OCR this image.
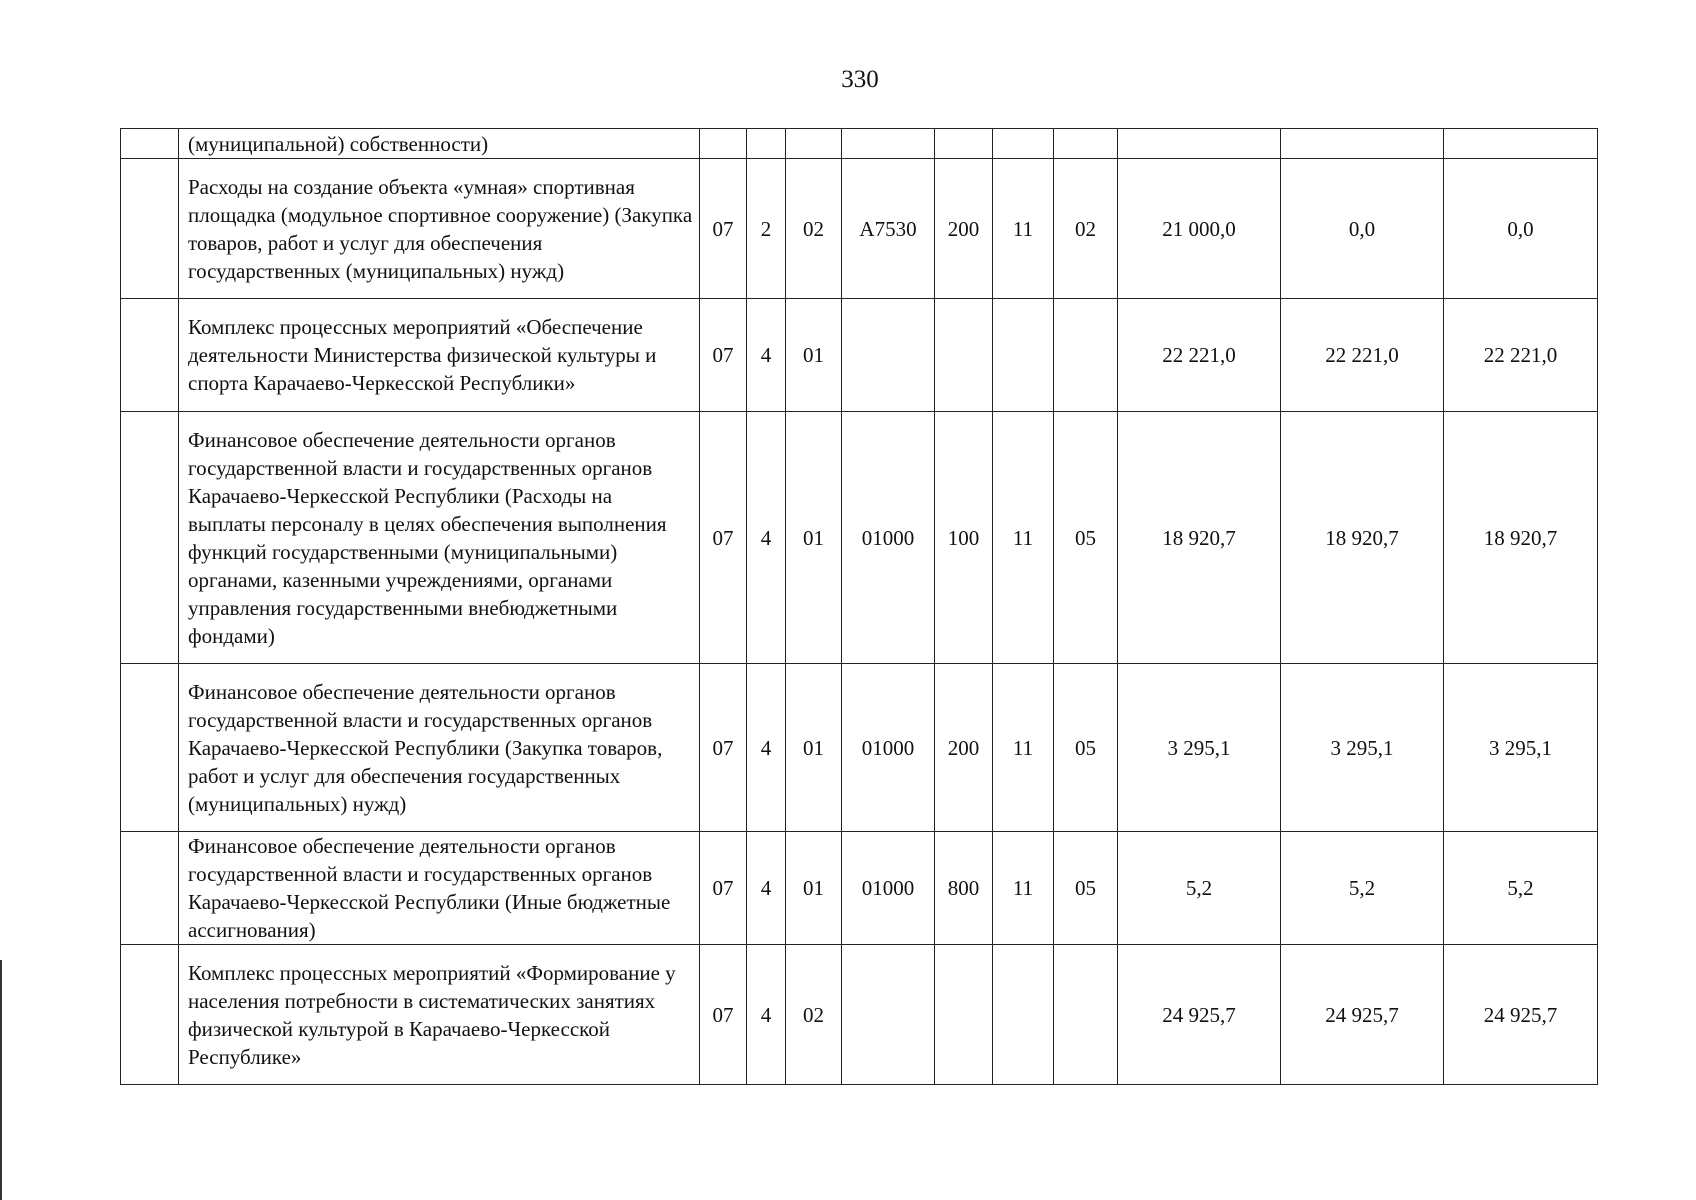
330
	(муниципальной) собственности)										
	Расходы на создание объекта «умная» спортивная площадка (модульное спортивное сооружение) (Закупка товаров, работ и услуг для обеспечения государственных (муниципальных) нужд)	07	2	02	А7530	200	11	02	21 000,0	0,0	0,0
	Комплекс процессных мероприятий «Обеспечение деятельности Министерства физической культуры и спорта Карачаево-Черкесской Республики»	07	4	01					22 221,0	22 221,0	22 221,0
	Финансовое обеспечение деятельности органов государственной власти и государственных органов Карачаево-Черкесской Республики (Расходы на выплаты персоналу в целях обеспечения выполнения функций государственными (муниципальными) органами, казенными учреждениями, органами управления государственными внебюджетными фондами)	07	4	01	01000	100	11	05	18 920,7	18 920,7	18 920,7
	Финансовое обеспечение деятельности органов государственной власти и государственных органов Карачаево-Черкесской Республики (Закупка товаров, работ и услуг для обеспечения государственных (муниципальных) нужд)	07	4	01	01000	200	11	05	3 295,1	3 295,1	3 295,1
	Финансовое обеспечение деятельности органов государственной власти и государственных органов Карачаево-Черкесской Республики (Иные бюджетные ассигнования)	07	4	01	01000	800	11	05	5,2	5,2	5,2
	Комплекс процессных мероприятий «Формирование у населения потребности в систематических занятиях физической культурой в Карачаево-Черкесской Республике»	07	4	02					24 925,7	24 925,7	24 925,7
